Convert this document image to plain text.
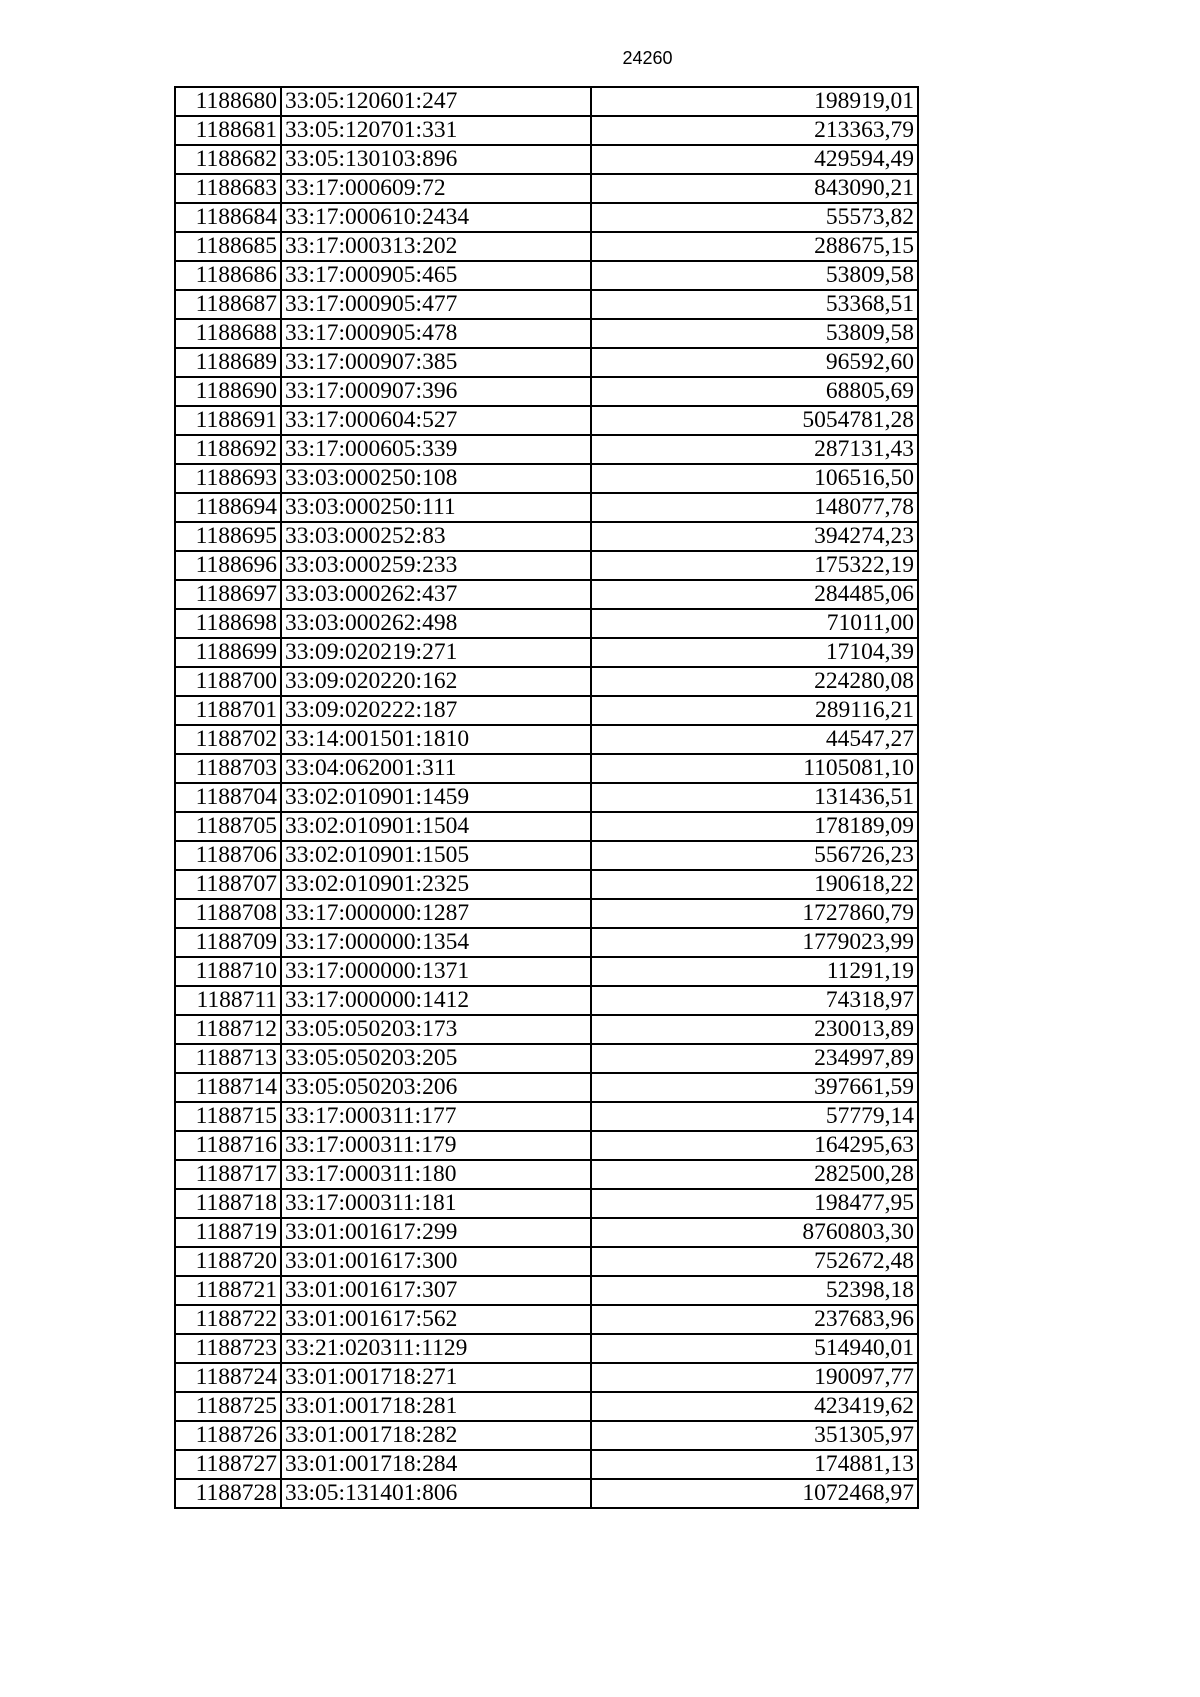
24260
1188680	33:05:120601:247	198919,01
1188681	33:05:120701:331	213363,79
1188682	33:05:130103:896	429594,49
1188683	33:17:000609:72	843090,21
1188684	33:17:000610:2434	55573,82
1188685	33:17:000313:202	288675,15
1188686	33:17:000905:465	53809,58
1188687	33:17:000905:477	53368,51
1188688	33:17:000905:478	53809,58
1188689	33:17:000907:385	96592,60
1188690	33:17:000907:396	68805,69
1188691	33:17:000604:527	5054781,28
1188692	33:17:000605:339	287131,43
1188693	33:03:000250:108	106516,50
1188694	33:03:000250:111	148077,78
1188695	33:03:000252:83	394274,23
1188696	33:03:000259:233	175322,19
1188697	33:03:000262:437	284485,06
1188698	33:03:000262:498	71011,00
1188699	33:09:020219:271	17104,39
1188700	33:09:020220:162	224280,08
1188701	33:09:020222:187	289116,21
1188702	33:14:001501:1810	44547,27
1188703	33:04:062001:311	1105081,10
1188704	33:02:010901:1459	131436,51
1188705	33:02:010901:1504	178189,09
1188706	33:02:010901:1505	556726,23
1188707	33:02:010901:2325	190618,22
1188708	33:17:000000:1287	1727860,79
1188709	33:17:000000:1354	1779023,99
1188710	33:17:000000:1371	11291,19
1188711	33:17:000000:1412	74318,97
1188712	33:05:050203:173	230013,89
1188713	33:05:050203:205	234997,89
1188714	33:05:050203:206	397661,59
1188715	33:17:000311:177	57779,14
1188716	33:17:000311:179	164295,63
1188717	33:17:000311:180	282500,28
1188718	33:17:000311:181	198477,95
1188719	33:01:001617:299	8760803,30
1188720	33:01:001617:300	752672,48
1188721	33:01:001617:307	52398,18
1188722	33:01:001617:562	237683,96
1188723	33:21:020311:1129	514940,01
1188724	33:01:001718:271	190097,77
1188725	33:01:001718:281	423419,62
1188726	33:01:001718:282	351305,97
1188727	33:01:001718:284	174881,13
1188728	33:05:131401:806	1072468,97
